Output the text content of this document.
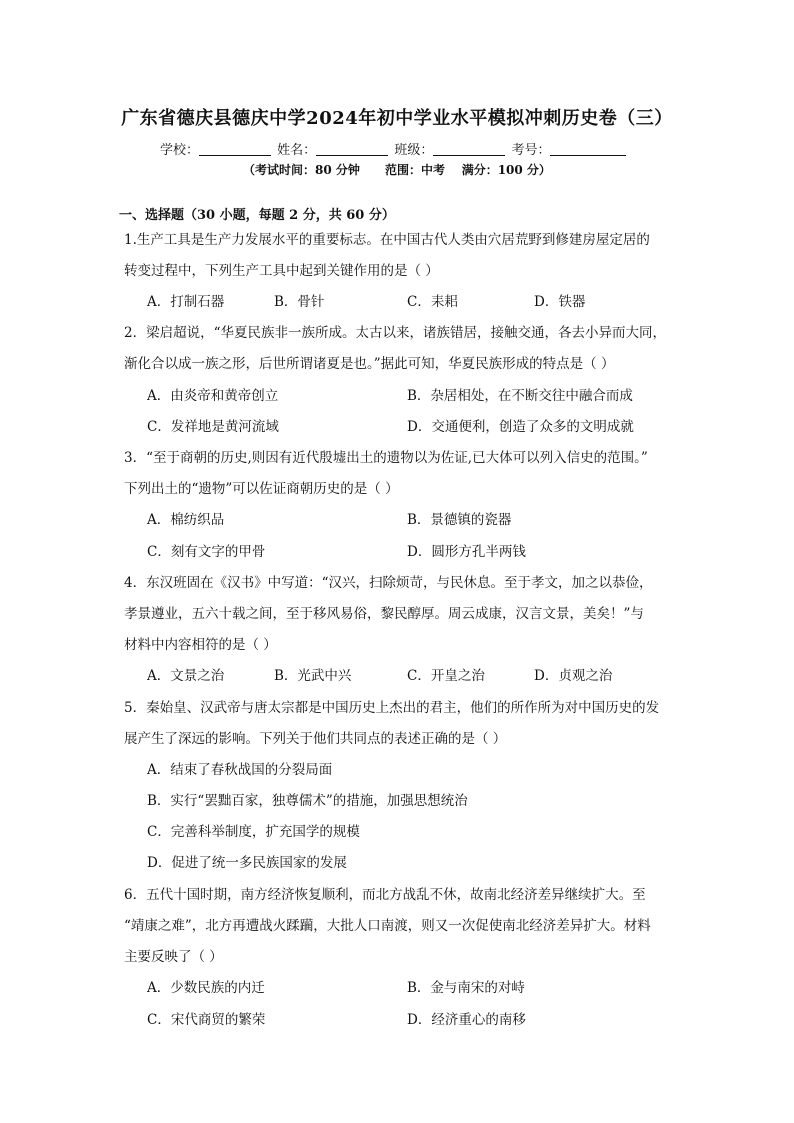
广东省德庆县德庆中学2024年初中学业水平模拟冲刺历史卷（三）
学校：	姓名：	班级：	考号：
（考试时间：80 分钟      范围：中考    满分：100 分）
一、选择题（30 小题，每题 2 分，共 60 分）
1.生产工具是生产力发展水平的重要标志。在中国古代人类由穴居荒野到修建房屋定居的
转变过程中，下列生产工具中起到关键作用的是（ ）
A．打制石器	B．骨针	C．耒耜	D．铁器
2．梁启超说，“华夏民族非一族所成。太古以来，诸族错居，接触交通，各去小异而大同，
渐化合以成一族之形，后世所谓诸夏是也。”据此可知，华夏民族形成的特点是（ ）
A．由炎帝和黄帝创立	B．杂居相处，在不断交往中融合而成
C．发祥地是黄河流域	D．交通便利，创造了众多的文明成就
3．“至于商朝的历史,则因有近代殷墟出土的遗物以为佐证,已大体可以列入信史的范围。”
下列出土的“遗物”可以佐证商朝历史的是（ ）
A．棉纺织品	B．景德镇的瓷器
C．刻有文字的甲骨	D．圆形方孔半两钱
4．东汉班固在《汉书》中写道：“汉兴，扫除烦苛，与民休息。至于孝文，加之以恭俭，
孝景遵业，五六十载之间，至于移风易俗，黎民醇厚。周云成康，汉言文景，美矣！”与
材料中内容相符的是（ ）
A．文景之治	B．光武中兴	C．开皇之治	D．贞观之治
5．秦始皇、汉武帝与唐太宗都是中国历史上杰出的君主，他们的所作所为对中国历史的发
展产生了深远的影响。下列关于他们共同点的表述正确的是（ ）
A．结束了春秋战国的分裂局面
B．实行“罢黜百家，独尊儒术”的措施，加强思想统治
C．完善科举制度，扩充国学的规模
D．促进了统一多民族国家的发展
6．五代十国时期，南方经济恢复顺利，而北方战乱不休，故南北经济差异继续扩大。至
“靖康之难”，北方再遭战火蹂躏，大批人口南渡，则又一次促使南北经济差异扩大。材料
主要反映了（ ）
A．少数民族的内迁	B．金与南宋的对峙
C．宋代商贸的繁荣	D．经济重心的南移
